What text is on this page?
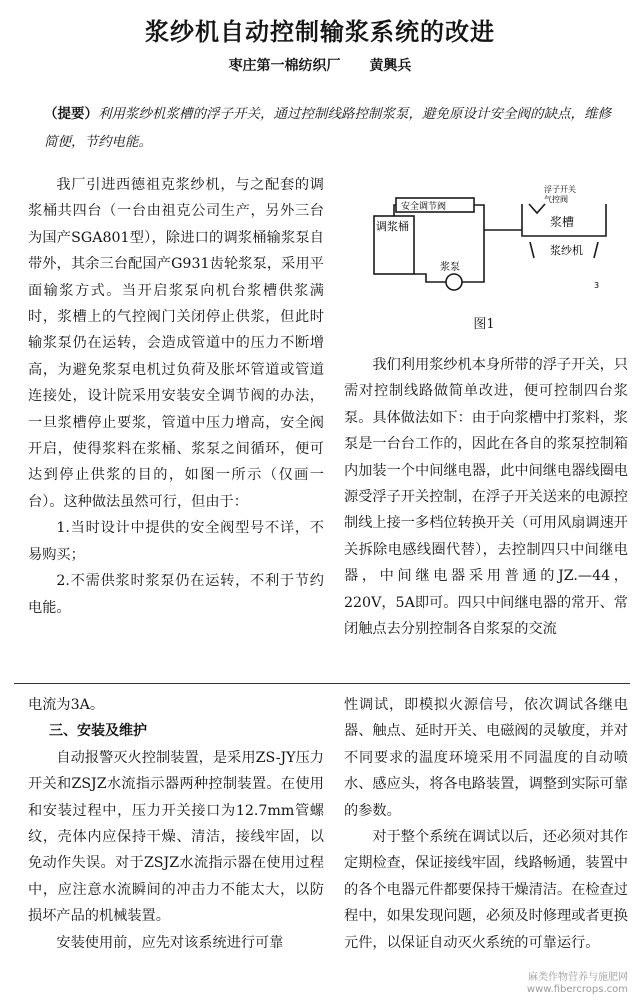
浆纱机自动控制输浆系统的改进
枣庄第一棉纺织厂 黄興兵
（提要）利用浆纱机浆槽的浮子开关，通过控制线路控制浆泵，避免原设计安全阀的缺点，维修简便，节约电能。

我厂引进西德祖克浆纱机，与之配套的调浆桶共四台（一台由祖克公司生产，另外三台为国产SGA801型），除进口的调浆桶输浆泵自带外，其余三台配国产G931齿轮浆泵，采用平面输浆方式。当开启浆泵向机台浆槽供浆满时，浆槽上的气控阀门关闭停止供浆，但此时输浆泵仍在运转，会造成管道中的压力不断增高，为避免浆泵电机过负荷及胀坏管道或管道连接处，设计院采用安装安全调节阀的办法，一旦浆槽停止要浆，管道中压力增高，安全阀开启，使得浆料在浆桶、浆泵之间循环，便可达到停止供浆的目的，如图一所示（仅画一台）。这种做法虽然可行，但由于：

1.当时设计中提供的安全阀型号不详，不易购买；

2.不需供浆时浆泵仍在运转，不利于节约电能。

调浆桶
安全调节阀
浮子开关
气控阀
浆槽
浆纱机
浆泵
3
图1

我们利用浆纱机本身所带的浮子开关，只需对控制线路做简单改进，便可控制四台浆泵。具体做法如下：由于向浆槽中打浆料，浆泵是一台台工作的，因此在各自的浆泵控制箱内加装一个中间继电器，此中间继电器线圈电源受浮子开关控制，在浮子开关送来的电源控制线上接一多档位转换开关（可用风扇调速开关拆除电感线圈代替），去控制四只中间继电器，中间继电器采用普通的JZ.—44，220V，5A即可。四只中间继电器的常开、常闭触点去分别控制各自浆泵的交流

电流为3A。

三、安装及维护

自动报警灭火控制装置，是采用ZS-JY压力开关和ZSJZ水流指示器两种控制装置。在使用和安装过程中，压力开关接口为12.7mm管螺纹，壳体内应保持干燥、清洁，接线牢固，以免动作失误。对于ZSJZ水流指示器在使用过程中，应注意水流瞬间的冲击力不能太大，以防损坏产品的机械装置。

安装使用前，应先对该系统进行可靠

性调试，即模拟火源信号，依次调试各继电器、触点、延时开关、电磁阀的灵敏度，并对不同要求的温度环境采用不同温度的自动喷水、感应头，将各电路装置，调整到实际可靠的参数。

对于整个系统在调试以后，还必须对其作定期检查，保证接线牢固，线路畅通，装置中的各个电器元件都要保持干燥清洁。在检查过程中，如果发现问题，必须及时修理或者更换元件，以保证自动灭火系统的可靠运行。

麻类作物营养与施肥网
www.fibercrops.com
